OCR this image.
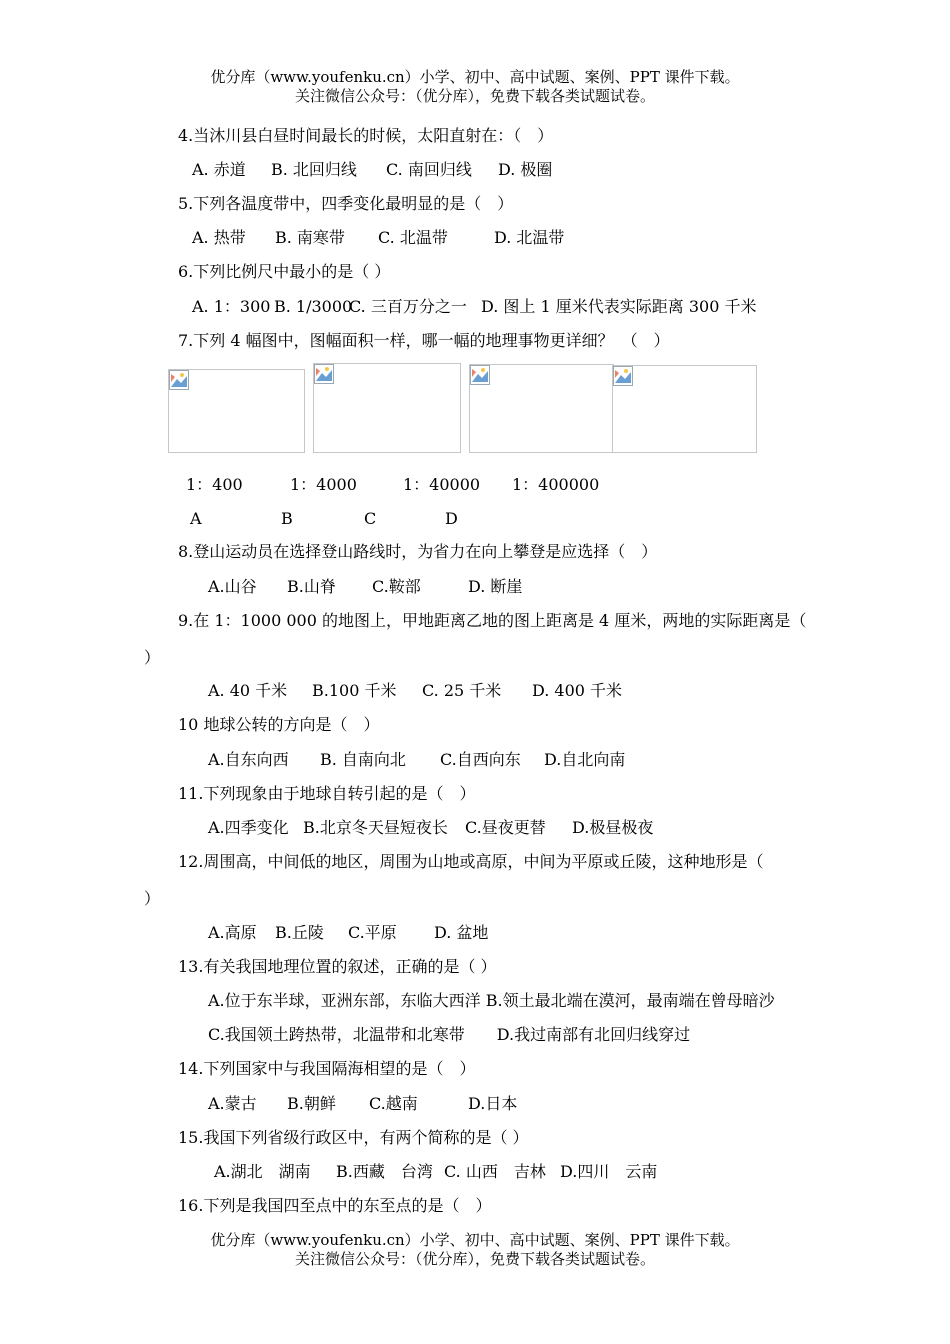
优分库（www.youfenku.cn）小学、初中、高中试题、案例、PPT 课件下载。
关注微信公众号：（优分库），免费下载各类试题试卷。
4.当沐川县白昼时间最长的时候，太阳直射在：（　）
A. 赤道 B. 北回归线 C. 南回归线 D. 极圈
5.下列各温度带中，四季变化最明显的是（　）
A. 热带 B. 南寒带 C. 北温带	D. 北温带
6.下列比例尺中最小的是（ ）
A. 1：300 B. 1/3000
C. 三百万分之一 D. 图上 1 厘米代表实际距离 300 千米
7.下列 4 幅图中，图幅面积一样，哪一幅的地理事物更详细？　（　）
1：400	1：4000	1：40000 1：400000
A	B	C	D
8.登山运动员在选择登山路线时，为省力在向上攀登是应选择（　）
A.山谷 B.山脊 C.鞍部	D. 断崖
9.在 1：1000 000 的地图上，甲地距离乙地的图上距离是 4 厘米，两地的实际距离是（
）
A. 40 千米 B.100 千米 C. 25 千米 D. 400 千米
10 地球公转的方向是（　）
A.自东向西 B. 自南向北 C.自西向东 D.自北向南
11.下列现象由于地球自转引起的是（　）
A.四季变化 B.北京冬天昼短夜长 C.昼夜更替 D.极昼极夜
12.周围高，中间低的地区，周围为山地或高原，中间为平原或丘陵，这种地形是（
）
A.高原 B.丘陵 C.平原 D. 盆地
13.有关我国地理位置的叙述，正确的是（ ）
A.位于东半球，亚洲东部，东临大西洋 B.领土最北端在漠河，最南端在曾母暗沙
C.我国领土跨热带，北温带和北寒带　　D.我过南部有北回归线穿过
14.下列国家中与我国隔海相望的是（　）
A.蒙古 B.朝鲜 C.越南	D.日本
15.我国下列省级行政区中，有两个简称的是（ ）
A.湖北　湖南 B.西藏　台湾 C. 山西　吉林 D.四川　云南
16.下列是我国四至点中的东至点的是（　）
优分库（www.youfenku.cn）小学、初中、高中试题、案例、PPT 课件下载。
关注微信公众号：（优分库），免费下载各类试题试卷。
